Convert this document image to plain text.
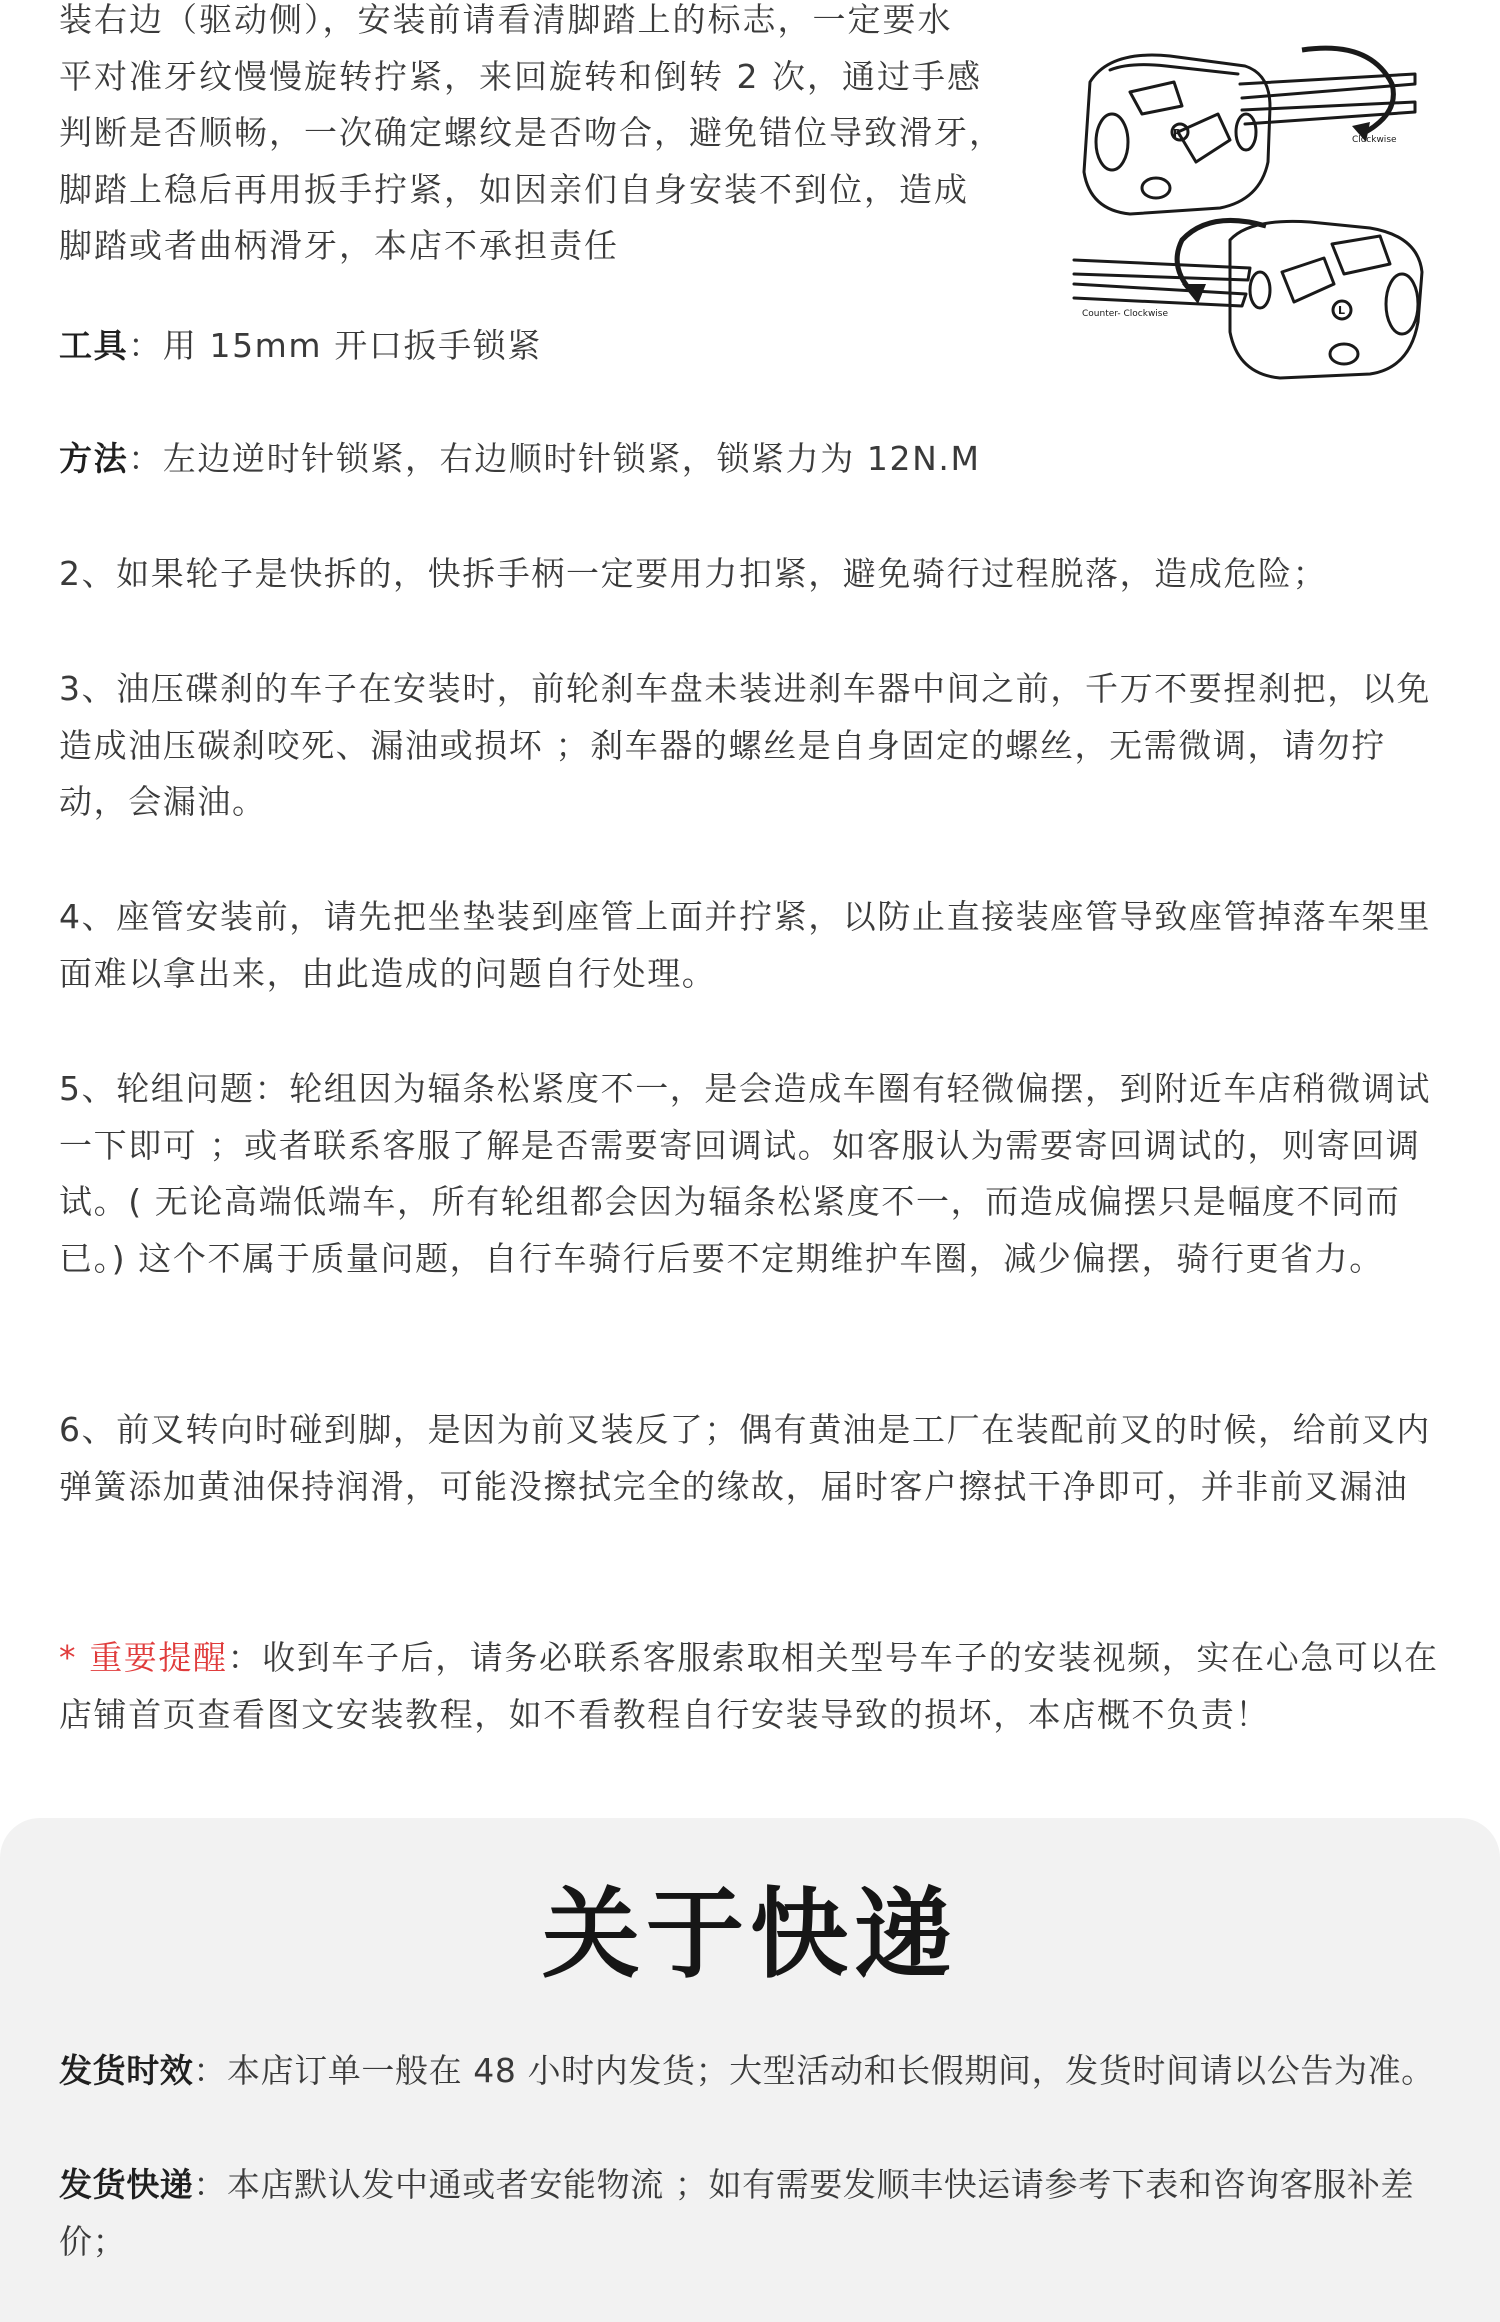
装右边（驱动侧），安装前请看清脚踏上的标志，一定要水

平对准牙纹慢慢旋转拧紧，来回旋转和倒转 2 次，通过手感

判断是否顺畅，一次确定螺纹是否吻合，避免错位导致滑牙，

脚踏上稳后再用扳手拧紧，如因亲们自身安装不到位，造成

脚踏或者曲柄滑牙，本店不承担责任

R	Clockwise
L
Counter- Clockwise

工具：用 15mm 开口扳手锁紧

方法：左边逆时针锁紧，右边顺时针锁紧，锁紧力为 12N.M

2、如果轮子是快拆的，快拆手柄一定要用力扣紧，避免骑行过程脱落，造成危险；

3、油压碟刹的车子在安装时，前轮刹车盘未装进刹车器中间之前，千万不要捏刹把，以免造成油压碳刹咬死、漏油或损坏 ；刹车器的螺丝是自身固定的螺丝，无需微调，请勿拧动，会漏油。

4、座管安装前，请先把坐垫装到座管上面并拧紧，以防止直接装座管导致座管掉落车架里面难以拿出来，由此造成的问题自行处理。

5、轮组问题：轮组因为辐条松紧度不一，是会造成车圈有轻微偏摆，到附近车店稍微调试一下即可 ；或者联系客服了解是否需要寄回调试。如客服认为需要寄回调试的，则寄回调试。( 无论高端低端车，所有轮组都会因为辐条松紧度不一，而造成偏摆只是幅度不同而已。) 这个不属于质量问题，自行车骑行后要不定期维护车圈，减少偏摆，骑行更省力。

6、前叉转向时碰到脚，是因为前叉装反了；偶有黄油是工厂在装配前叉的时候，给前叉内弹簧添加黄油保持润滑，可能没擦拭完全的缘故，届时客户擦拭干净即可，并非前叉漏油

* 重要提醒：收到车子后，请务必联系客服索取相关型号车子的安装视频，实在心急可以在店铺首页查看图文安装教程，如不看教程自行安装导致的损坏，本店概不负责！

关于快递

发货时效：本店订单一般在 48 小时内发货；大型活动和长假期间，发货时间请以公告为准。

发货快递：本店默认发中通或者安能物流 ；如有需要发顺丰快运请参考下表和咨询客服补差价；
